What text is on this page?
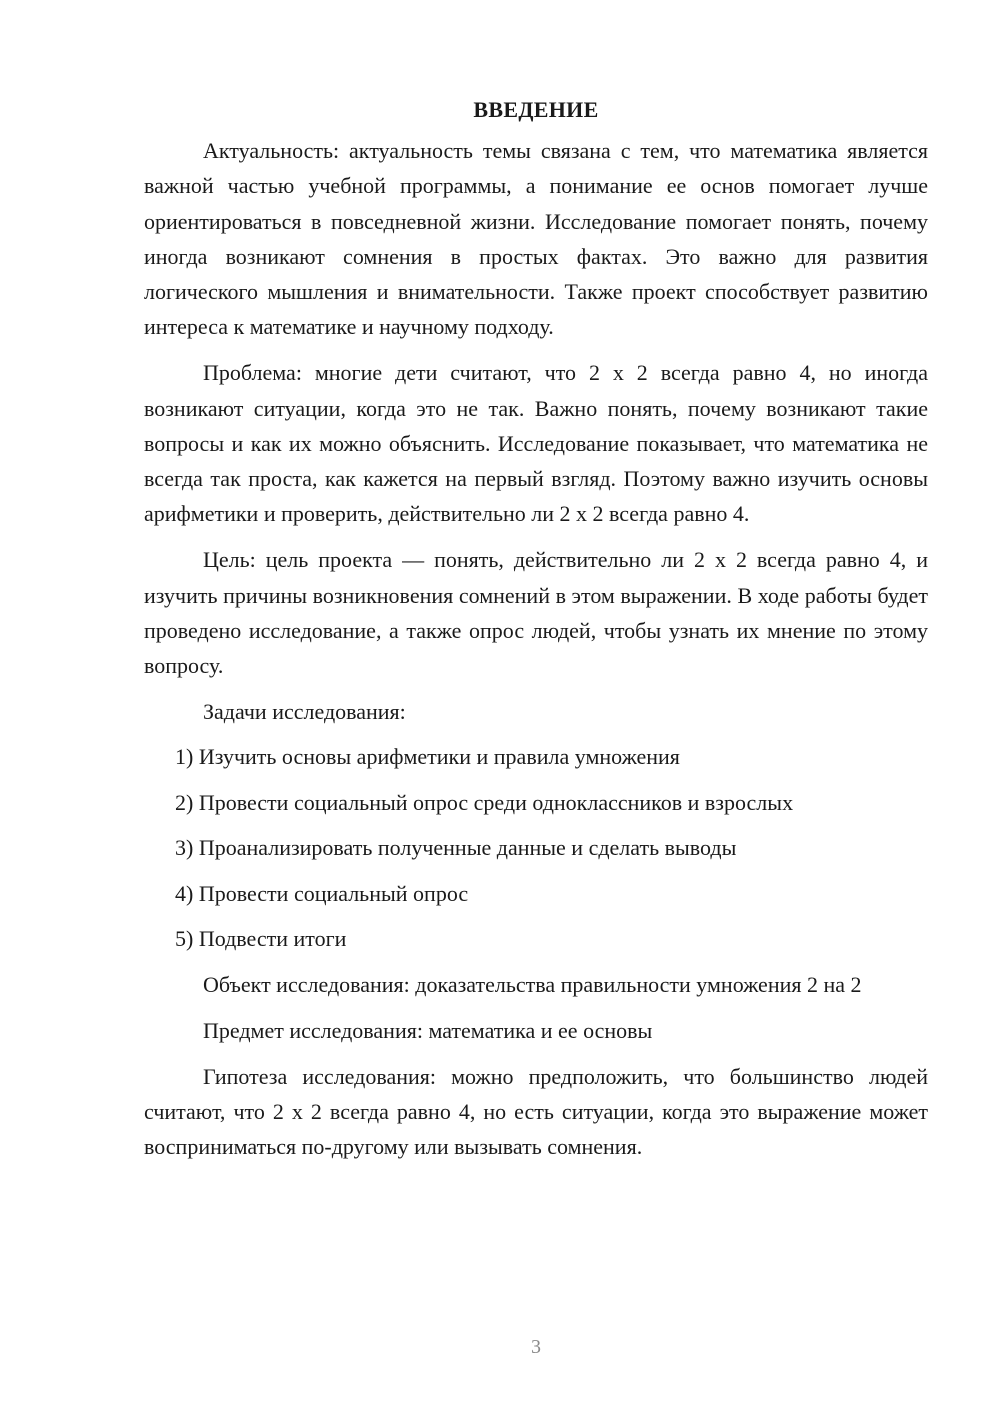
ВВЕДЕНИЕ

Актуальность: актуальность темы связана с тем, что математика является важной частью учебной программы, а понимание ее основ помогает лучше ориентироваться в повседневной жизни. Исследование помогает понять, почему иногда возникают сомнения в простых фактах. Это важно для развития логического мышления и внимательности. Также проект способствует развитию интереса к математике и научному подходу.

Проблема: многие дети считают, что 2 x 2 всегда равно 4, но иногда возникают ситуации, когда это не так. Важно понять, почему возникают такие вопросы и как их можно объяснить. Исследование показывает, что математика не всегда так проста, как кажется на первый взгляд. Поэтому важно изучить основы арифметики и проверить, действительно ли 2 x 2 всегда равно 4.

Цель: цель проекта — понять, действительно ли 2 x 2 всегда равно 4, и изучить причины возникновения сомнений в этом выражении. В ходе работы будет проведено исследование, а также опрос людей, чтобы узнать их мнение по этому вопросу.

Задачи исследования:
1) Изучить основы арифметики и правила умножения
2) Провести социальный опрос среди одноклассников и взрослых
3) Проанализировать полученные данные и сделать выводы
4) Провести социальный опрос
5) Подвести итоги

Объект исследования: доказательства правильности умножения 2 на 2

Предмет исследования: математика и ее основы

Гипотеза исследования: можно предположить, что большинство людей считают, что 2 x 2 всегда равно 4, но есть ситуации, когда это выражение может восприниматься по-другому или вызывать сомнения.

3
